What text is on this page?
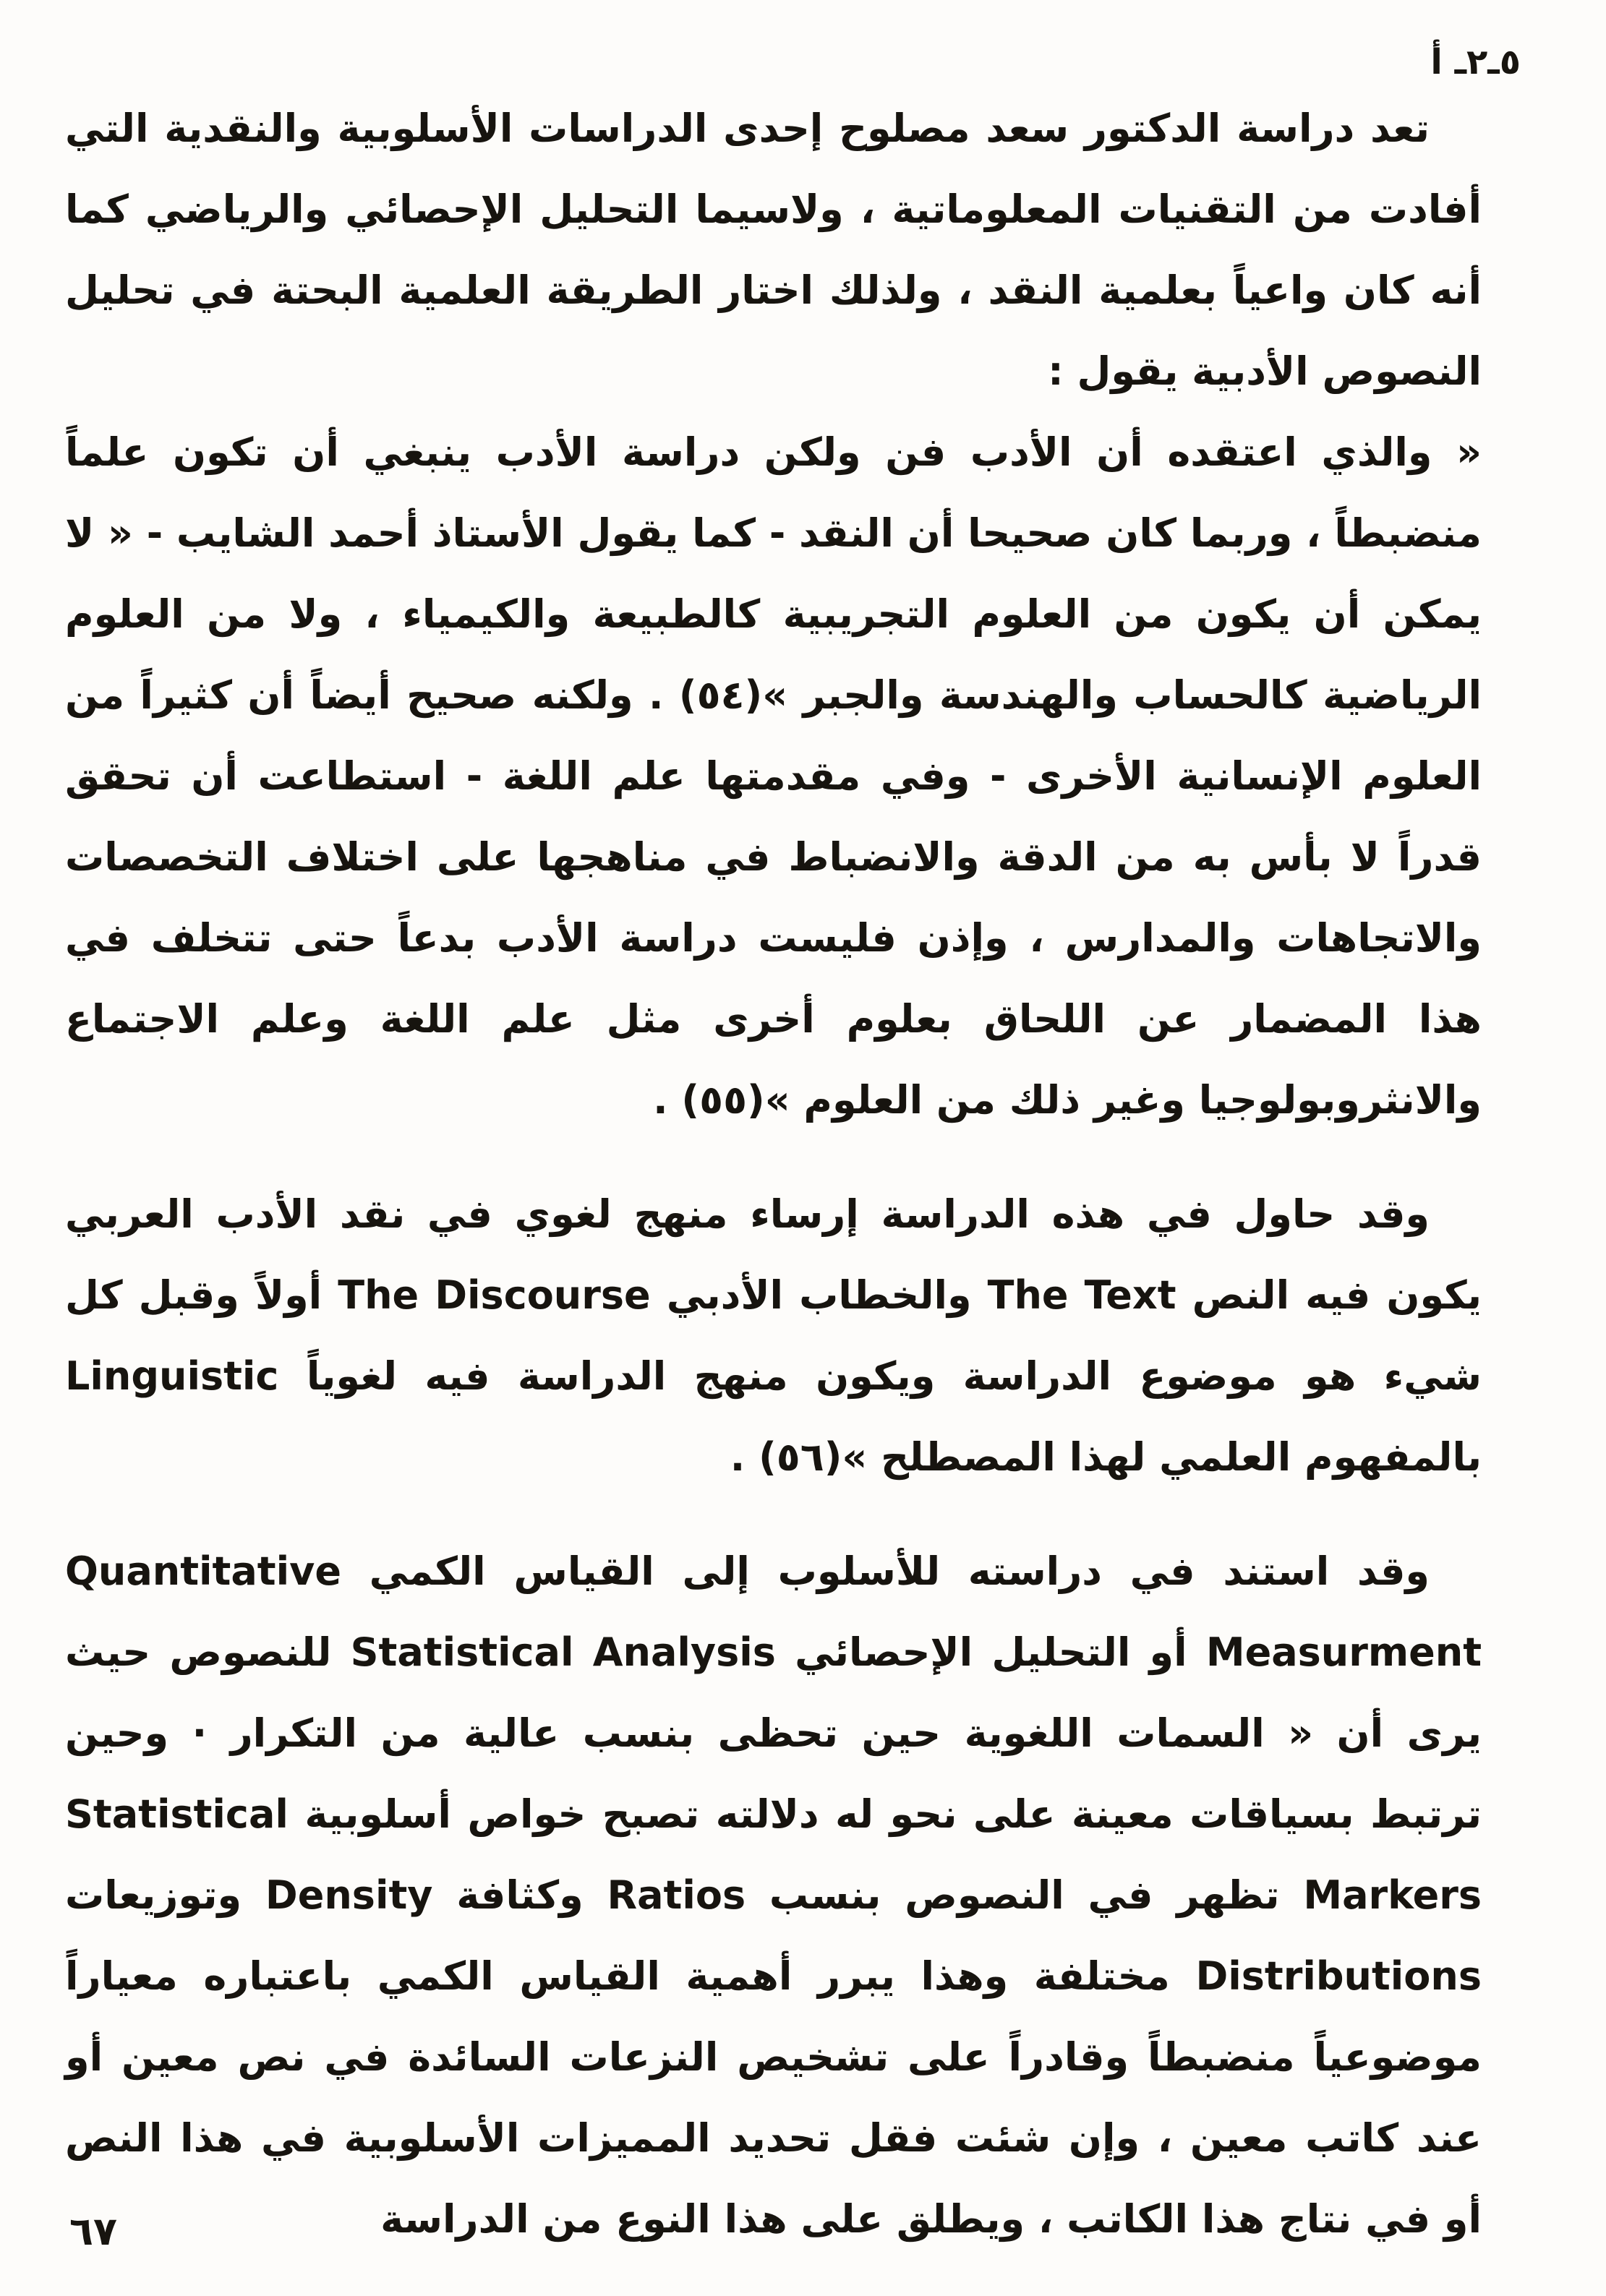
٥ـ٢ـ أ

تعد دراسة الدكتور سعد مصلوح إحدى الدراسات الأسلوبية والنقدية التي أفادت من التقنيات المعلوماتية ، ولاسيما التحليل الإحصائي والرياضي كما أنه كان واعياً بعلمية النقد ، ولذلك اختار الطريقة العلمية البحتة في تحليل النصوص الأدبية يقول :

« والذي اعتقده أن الأدب فن ولكن دراسة الأدب ينبغي أن تكون علماً منضبطاً ، وربما كان صحيحا أن النقد - كما يقول الأستاذ أحمد الشايب - « لا يمكن أن يكون من العلوم التجريبية كالطبيعة والكيمياء ، ولا من العلوم الرياضية كالحساب والهندسة والجبر »(٥٤) . ولكنه صحيح أيضاً أن كثيراً من العلوم الإنسانية الأخرى - وفي مقدمتها علم اللغة - استطاعت أن تحقق قدراً لا بأس به من الدقة والانضباط في مناهجها على اختلاف التخصصات والاتجاهات والمدارس ، وإذن فليست دراسة الأدب بدعاً حتى تتخلف في هذا المضمار عن اللحاق بعلوم أخرى مثل علم اللغة وعلم الاجتماع والانثروبولوجيا وغير ذلك من العلوم »(٥٥) .

وقد حاول في هذه الدراسة إرساء منهج لغوي في نقد الأدب العربي يكون فيه النص The Text والخطاب الأدبي The Discourse أولاً وقبل كل شيء هو موضوع الدراسة ويكون منهج الدراسة فيه لغوياً Linguistic بالمفهوم العلمي لهذا المصطلح »(٥٦) .

وقد استند في دراسته للأسلوب إلى القياس الكمي Quantitative Measurment أو التحليل الإحصائي Statistical Analysis للنصوص حيث يرى أن « السمات اللغوية حين تحظى بنسب عالية من التكرار · وحين ترتبط بسياقات معينة على نحو له دلالته تصبح خواص أسلوبية Statistical Markers تظهر في النصوص بنسب Ratios وكثافة Density وتوزيعات Distributions مختلفة وهذا يبرر أهمية القياس الكمي باعتباره معياراً موضوعياً منضبطاً وقادراً على تشخيص النزعات السائدة في نص معين أو عند كاتب معين ، وإن شئت فقل تحديد المميزات الأسلوبية في هذا النص أو في نتاج هذا الكاتب ، ويطلق على هذا النوع من الدراسة

٦٧
